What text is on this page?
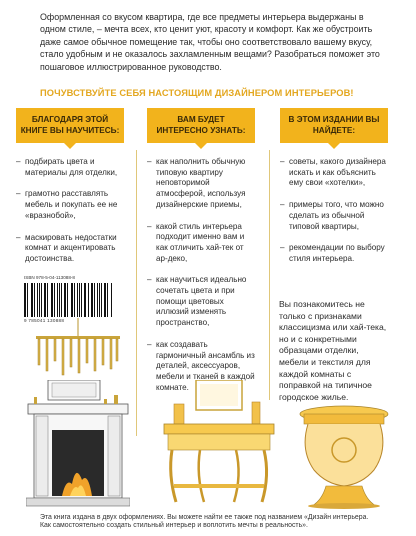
Оформленная со вкусом квартира, где все предметы интерьера выдержаны в одном стиле, – мечта всех, кто ценит уют, красоту и комфорт. Как же обустроить даже самое обычное помещение так, чтобы оно соответствовало вашему вкусу, стало удобным и не оказалось захламленным вещами? Разобраться поможет это пошаговое иллюстрированное руководство.

ПОЧУВСТВУЙТЕ СЕБЯ НАСТОЯЩИМ ДИЗАЙНЕРОМ ИНТЕРЬЕРОВ!

БЛАГОДАРЯ ЭТОЙ КНИГЕ ВЫ НАУЧИТЕСЬ:
– подбирать цвета и материалы для отделки,
– грамотно расставлять мебель и покупать ее не «вразнобой»,
– маскировать недостатки комнат и акцентировать достоинства.
ВАМ БУДЕТ ИНТЕРЕСНО УЗНАТЬ:
– как наполнить обычную типовую квартиру неповторимой атмосферой, используя дизайнерские приемы,
– какой стиль интерьера подходит именно вам и как отличить хай-тек от ар-деко,
– как научиться идеально сочетать цвета и при помощи цветовых иллюзий изменять пространство,
– как создавать гармоничный ансамбль из деталей, аксессуаров, мебели и тканей в каждой комнате.
В ЭТОМ ИЗДАНИИ ВЫ НАЙДЕТЕ:
– советы, какого дизайнера искать и как объяснить ему свои «хотелки»,
– примеры того, что можно сделать из обычной типовой квартиры,
– рекомендации по выбору стиля интерьера.
ISBN 978-5-04-113088-8
9 785041 130888

Вы познакомитесь не только с признаками классицизма или хай-тека, но и с конкретными образцами отделки, мебели и текстиля для каждой комнаты с поправкой на типичное городское жилье.

Эта книга издана в двух оформлениях. Вы можете найти ее также под названием «Дизайн интерьера.
Как самостоятельно создать стильный интерьер и воплотить мечты в реальность».
